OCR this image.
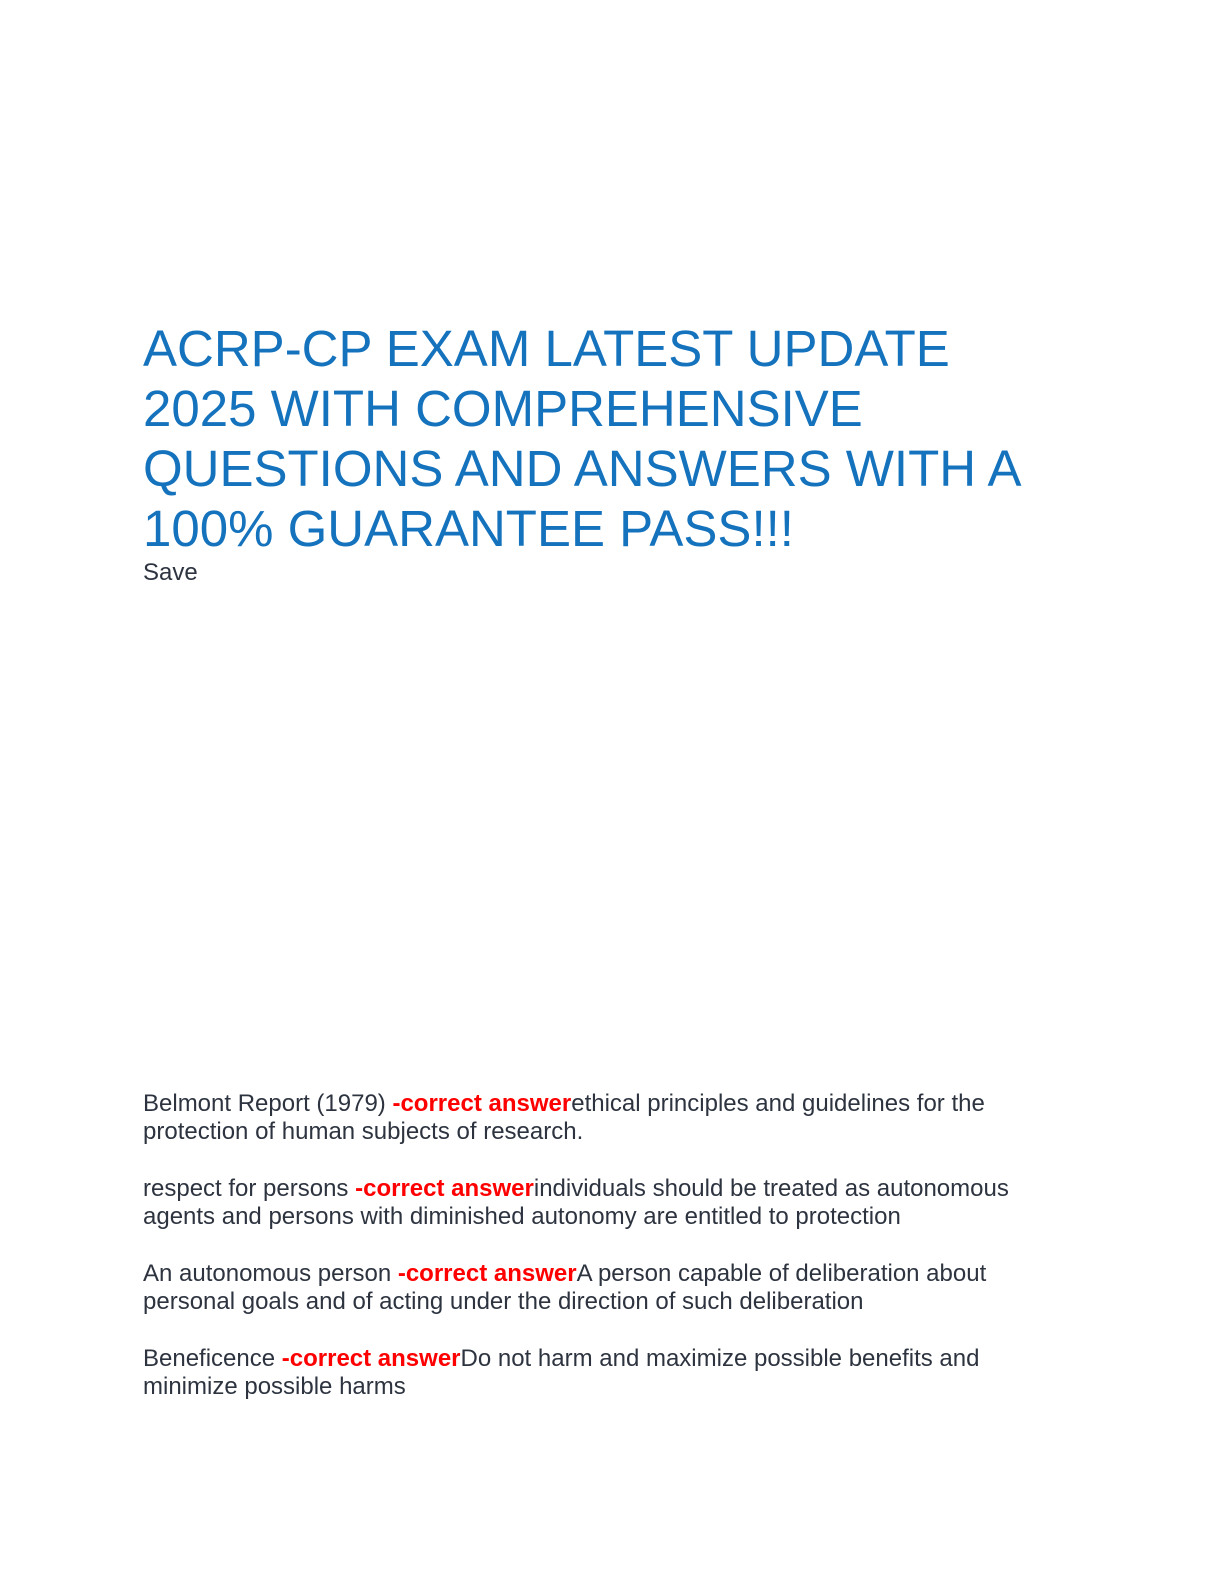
ACRP-CP EXAM LATEST UPDATE 2025 WITH COMPREHENSIVE QUESTIONS AND ANSWERS WITH A 100% GUARANTEE PASS!!!
Save

Belmont Report (1979) -correct answerethical principles and guidelines for the protection of human subjects of research.

respect for persons -correct answerindividuals should be treated as autonomous agents and persons with diminished autonomy are entitled to protection

An autonomous person -correct answerA person capable of deliberation about personal goals and of acting under the direction of such deliberation

Beneficence -correct answerDo not harm and maximize possible benefits and minimize possible harms
